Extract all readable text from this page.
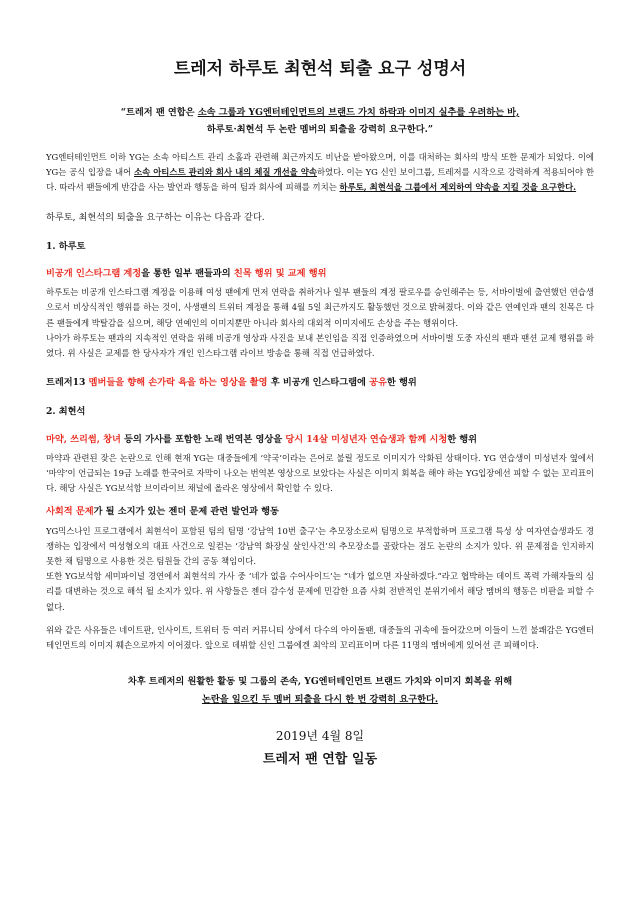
트레저 하루토 최현석 퇴출 요구 성명서
“트레저 팬 연합은 소속 그룹과 YG엔터테인먼트의 브랜드 가치 하락과 이미지 실추를 우려하는 바,
하루토·최현석 두 논란 멤버의 퇴출을 강력히 요구한다.”

YG엔터테인먼트 이하 YG는 소속 아티스트 관리 소홀과 관련해 최근까지도 비난을 받아왔으며, 이를 대처하는 회사의 방식 또한 문제가 되었다. 이에 YG는 공식 입장을 내어 소속 아티스트 관리와 회사 내의 체질 개선을 약속하였다. 이는 YG 신인 보이그룹, 트레저를 시작으로 강력하게 적용되어야 한다. 따라서 팬들에게 반감을 사는 발언과 행동을 하여 팀과 회사에 피해를 끼치는 하루토, 최현석을 그룹에서 제외하여 약속을 지킬 것을 요구한다.

하루토, 최현석의 퇴출을 요구하는 이유는 다음과 같다.
1. 하루토
비공개 인스타그램 계정을 통한 일부 팬들과의 친목 행위 및 교제 행위

하루토는 비공개 인스타그램 계정을 이용해 여성 팬에게 먼저 연락을 취하거나 일부 팬들의 계정 팔로우를 승인해주는 등, 서바이벌에 출연했던 연습생으로서 비상식적인 행위를 하는 것이, 사생팬의 트위터 계정을 통해 4월 5일 최근까지도 활동했던 것으로 밝혀졌다. 이와 같은 연예인과 팬의 친목은 다른 팬들에게 박탈감을 심으며, 해당 연예인의 이미지뿐만 아니라 회사의 대외적 이미지에도 손상을 주는 행위이다.

나아가 하루토는 팬과의 지속적인 연락을 위해 비공개 영상과 사진을 보내 본인임을 직접 인증하였으며 서바이벌 도중 자신의 팬과 팬션 교제 행위를 하였다. 위 사실은 교제를 한 당사자가 개인 인스타그램 라이브 방송을 통해 직접 언급하였다.

트레저13 멤버들을 향해 손가락 욕을 하는 영상을 촬영 후 비공개 인스타그램에 공유한 행위
2. 최현석
마약, 쓰리썸, 창녀 등의 가사를 포함한 노래 번역본 영상을 당시 14살 미성년자 연습생과 함께 시청한 행위

마약과 관련된 잦은 논란으로 인해 현재 YG는 대중들에게 ‘약국’이라는 은어로 불릴 정도로 이미지가 악화된 상태이다. YG 연습생이 미성년자 옆에서 ‘마약’이 언급되는 19금 노래를 한국어로 자막이 나오는 번역본 영상으로 보았다는 사실은 이미지 회복을 해야 하는 YG입장에선 피할 수 없는 꼬리표이다. 해당 사실은 YG보석함 브이라이브 채널에 올라온 영상에서 확인할 수 있다.

사회적 문제가 될 소지가 있는 젠더 문제 관련 발언과 행동

YG믹스나인 프로그램에서 최현석이 포함된 팀의 팀명 ‘강남역 10번 출구’는 추모장소로써 팀명으로 부적합하며 프로그램 특성 상 여자연습생과도 경쟁하는 입장에서 여성혐오의 대표 사건으로 일컫는 ‘강남역 화장실 살인사건’의 추모장소를 골랐다는 점도 논란의 소지가 있다. 위 문제점을 인지하지 못한 채 팀명으로 사용한 것은 팀원들 간의 공동 책임이다.

또한 YG보석함 세미파이널 경연에서 최현석의 가사 중 ‘네가 없음 수어사이드’는 “네가 없으면 자살하겠다.”라고 협박하는 데이트 폭력 가해자들의 심리를 대변하는 것으로 해석 될 소지가 있다. 위 사항들은 젠더 감수성 문제에 민감한 요즘 사회 전반적인 분위기에서 해당 멤버의 행동은 비판을 피할 수 없다.

위와 같은 사유들은 네이트판, 인사이트, 트위터 등 여러 커뮤니티 상에서 다수의 아이돌팬, 대중들의 귀속에 들어갔으며 이들이 느낀 불쾌감은 YG엔터테인먼트의 이미지 훼손으로까지 이어졌다. 앞으로 데뷔할 신인 그룹에겐 최악의 꼬리표이며 다른 11명의 멤버에게 있어선 큰 피해이다.

차후 트레저의 원활한 활동 및 그룹의 존속, YG엔터테인먼트 브랜드 가치와 이미지 회복을 위해
논란을 일으킨 두 멤버 퇴출을 다시 한 번 강력히 요구한다.
2019년 4월 8일
트레저 팬 연합 일동
